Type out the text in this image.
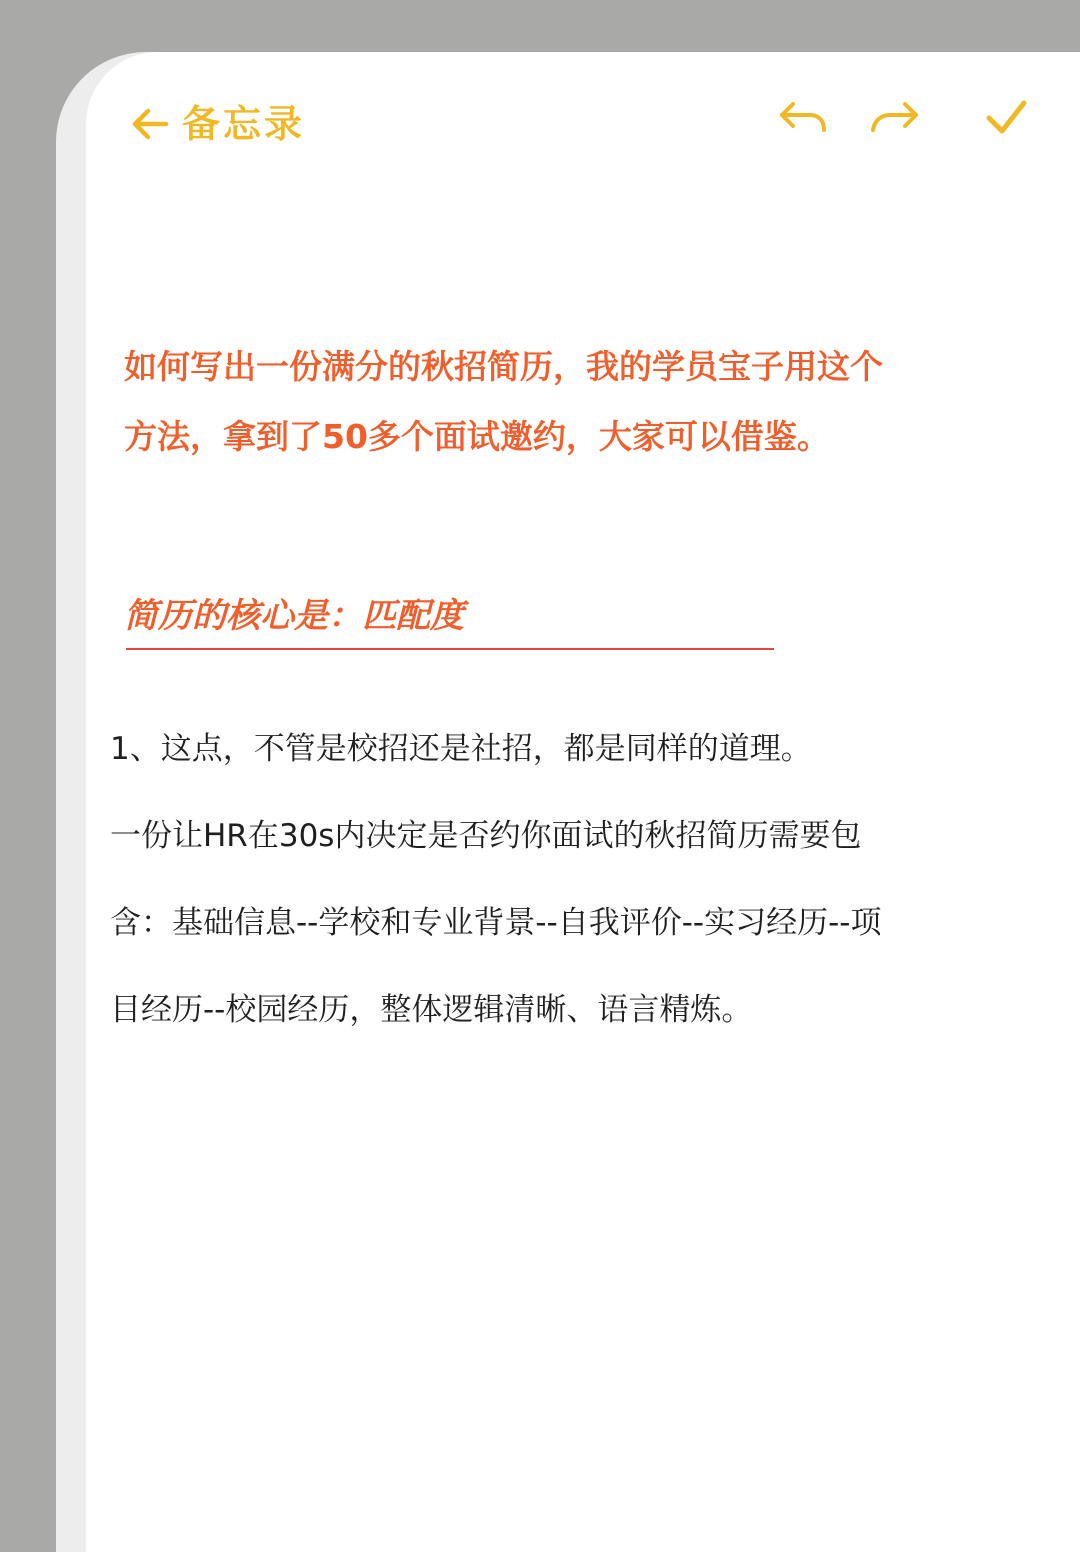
备忘录
如何写出一份满分的秋招简历，我的学员宝子用这个
方法，拿到了50多个面试邀约，大家可以借鉴。
简历的核心是：匹配度
1、这点，不管是校招还是社招，都是同样的道理。
一份让HR在30s内决定是否约你面试的秋招简历需要包
含：基础信息--学校和专业背景--自我评价--实习经历--项
目经历--校园经历，整体逻辑清晰、语言精炼。
